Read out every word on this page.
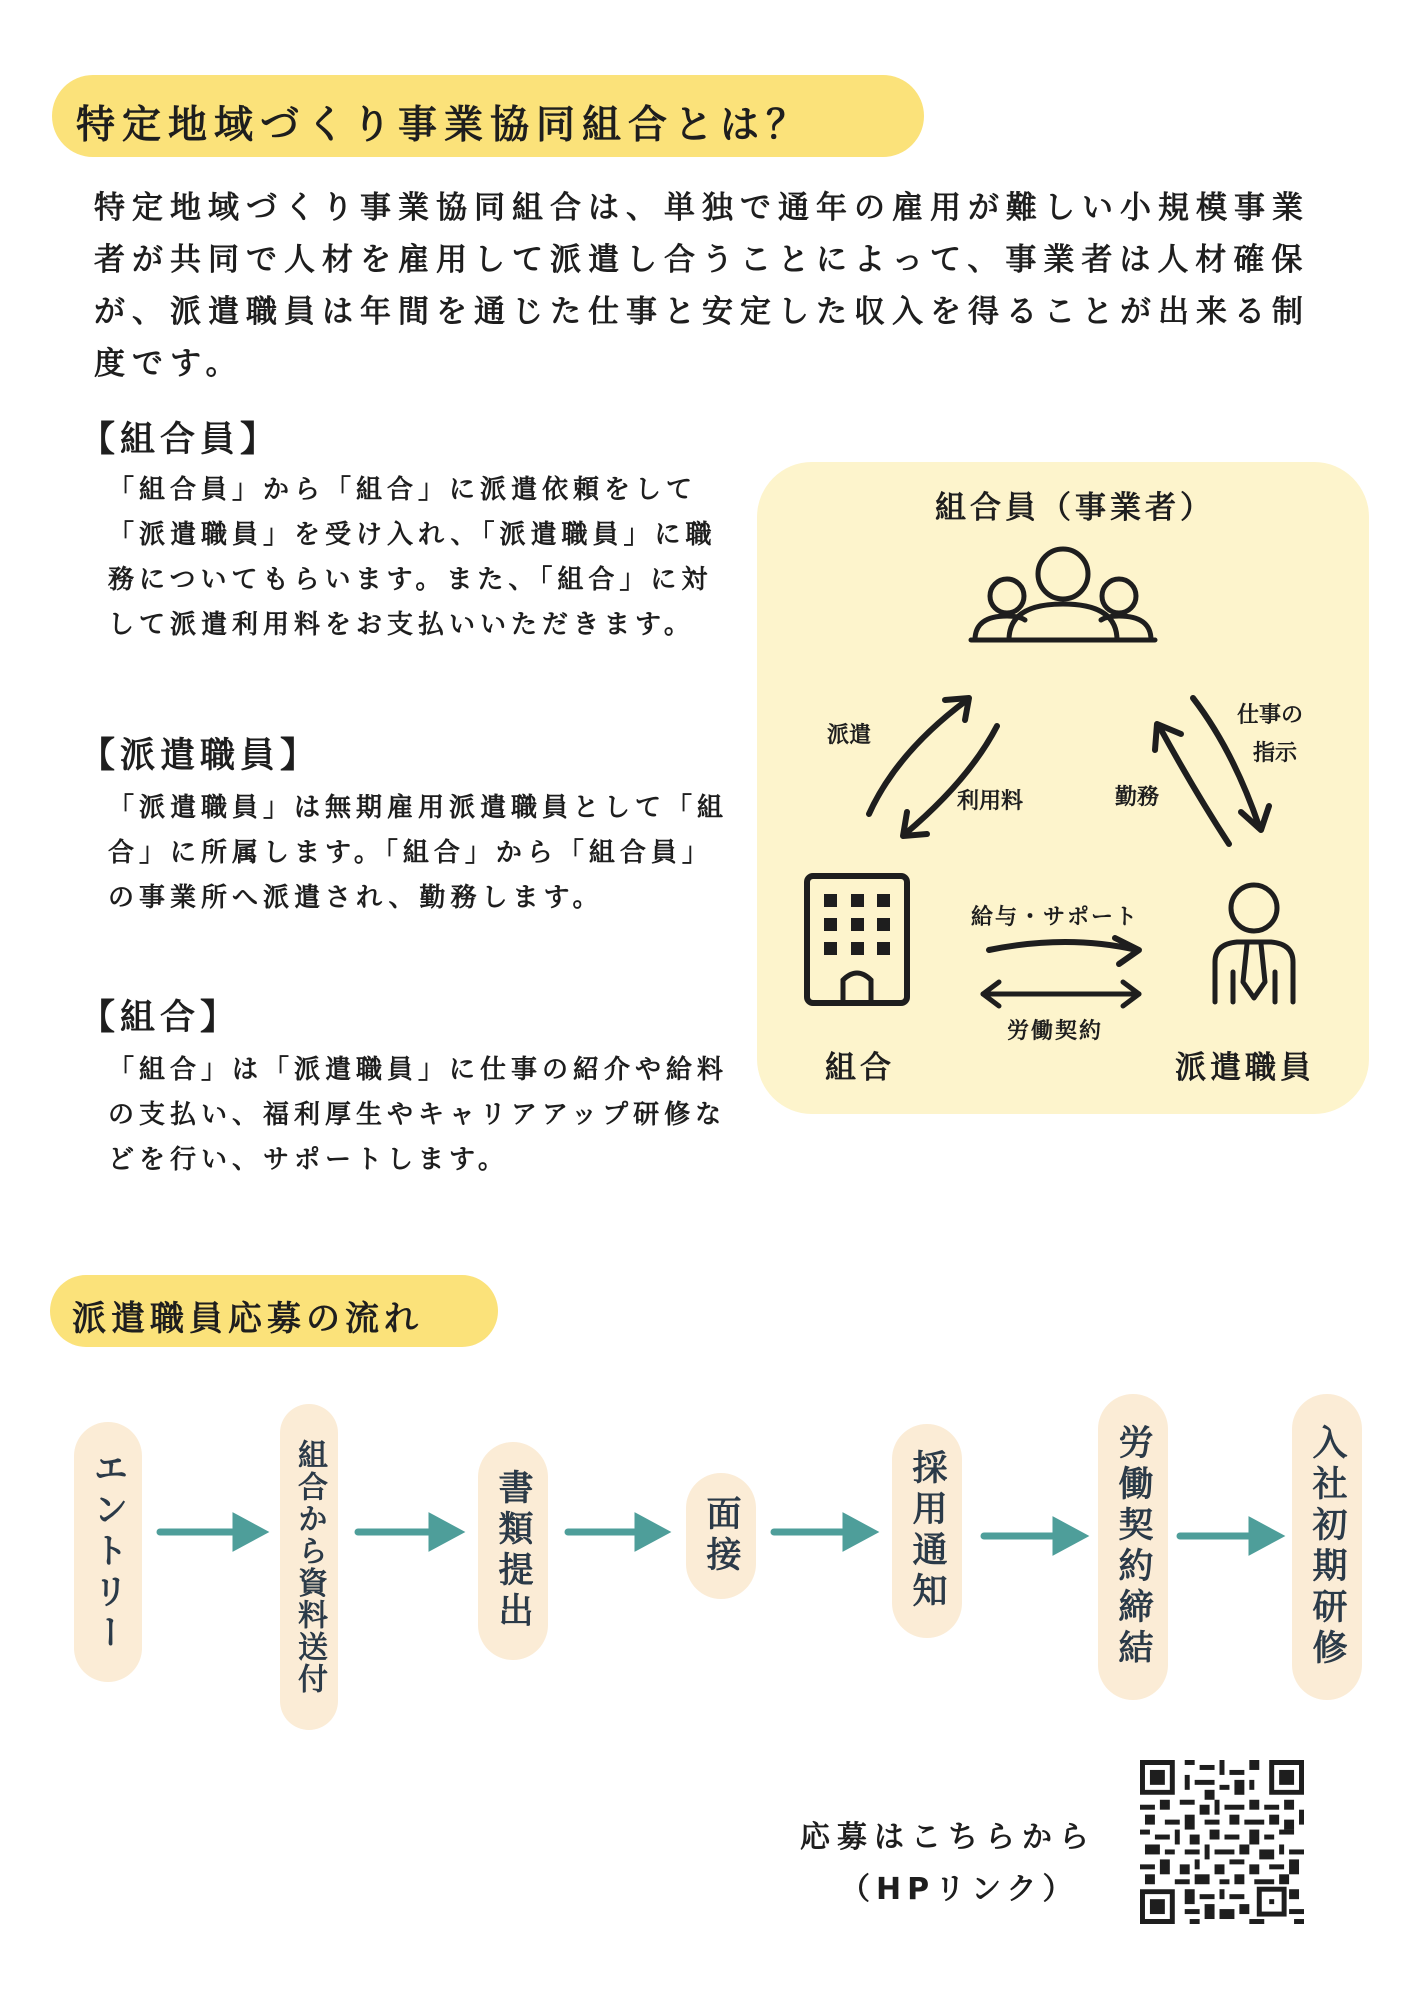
特定地域づくり事業協同組合とは？

特定地域づくり事業協同組合は、単独で通年の雇用が難しい小規模事業者が共同で人材を雇用して派遣し合うことによって、事業者は人材確保が、派遣職員は年間を通じた仕事と安定した収入を得ることが出来る制度です。

【組合員】

「組合員」から「組合」に派遣依頼をして「派遣職員」を受け入れ、「派遣職員」に職務についてもらいます。また、「組合」に対して派遣利用料をお支払いいただきます。

【派遣職員】

「派遣職員」は無期雇用派遣職員として「組合」に所属します。「組合」から「組合員」の事業所へ派遣され、勤務します。

【組合】

「組合」は「派遣職員」に仕事の紹介や給料の支払い、福利厚生やキャリアアップ研修などを行い、サポートします。

組合員（事業者）
派遣
利用料
仕事の
指示
勤務
給与・サポート
労働契約
組合	派遣職員
派遣職員応募の流れ
エントリー	組合から資料送付	書類提出	面接	採用通知	労働契約締結	入社初期研修
応募はこちらから
（HPリンク）
